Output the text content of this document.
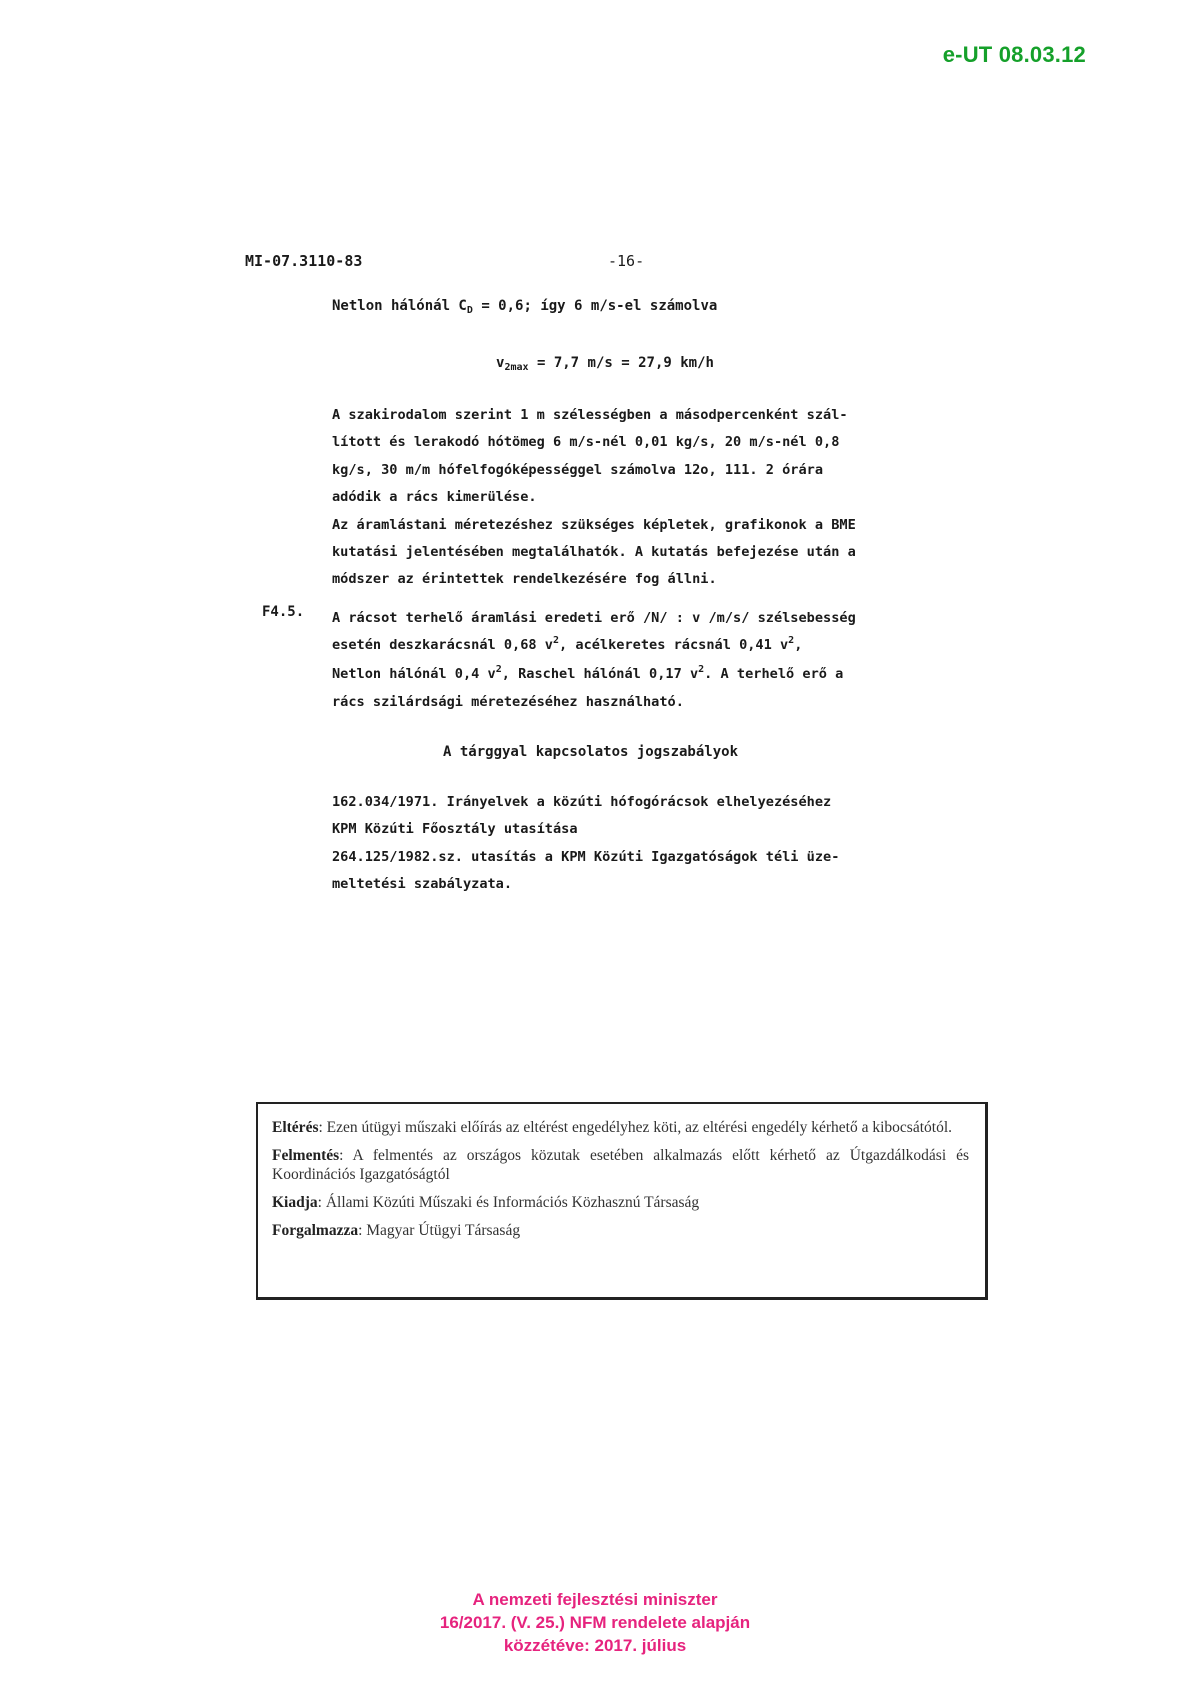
e-UT 08.03.12
MI-07.3110-83	-16-
Netlon hálónál $C_D = 0,6$; így 6 m/s-el számolva
$v_{2max} = 7,7$ m/s = 27,9 km/h

A szakirodalom szerint 1 m szélességben a másodpercenként szál-

lított és lerakodó hótömeg 6 m/s-nél 0,01 kg/s, 20 m/s-nél 0,8

kg/s, 30 m/m hófelfogóképességgel számolva 12o, 111. 2 órára

adódik a rács kimerülése.

Az áramlástani méretezéshez szükséges képletek, grafikonok a BME

kutatási jelentésében megtalálhatók. A kutatás befejezése után a

módszer az érintettek rendelkezésére fog állni.

F4.5. A rácsot terhelő áramlási eredeti erő /N/ : v /m/s/ szélsebesség

esetén deszkarácsnál 0,68 $v^2$, acélkeretes rácsnál 0,41 $v^2$,

Netlon hálónál 0,4 $v^2$, Raschel hálónál 0,17 $v^2$. A terhelő erő a

rács szilárdsági méretezéséhez használható.

A tárggyal kapcsolatos jogszabályok

162.034/1971. Irányelvek a közúti hófogórácsok elhelyezéséhez

KPM Közúti Főosztály utasítása

264.125/1982.sz. utasítás a KPM Közúti Igazgatóságok téli üze-

meltetési szabályzata.

Eltérés: Ezen útügyi műszaki előírás az eltérést engedélyhez köti, az eltérési engedély kérhető a kibocsátótól.

Felmentés: A felmentés az országos közutak esetében alkalmazás előtt kérhető az Útgazdálkodási és Koordinációs Igazgatóságtól

Kiadja: Állami Közúti Műszaki és Információs Közhasznú Társaság

Forgalmazza: Magyar Útügyi Társaság

A nemzeti fejlesztési miniszter
16/2017. (V. 25.) NFM rendelete alapján
közzétéve: 2017. július
